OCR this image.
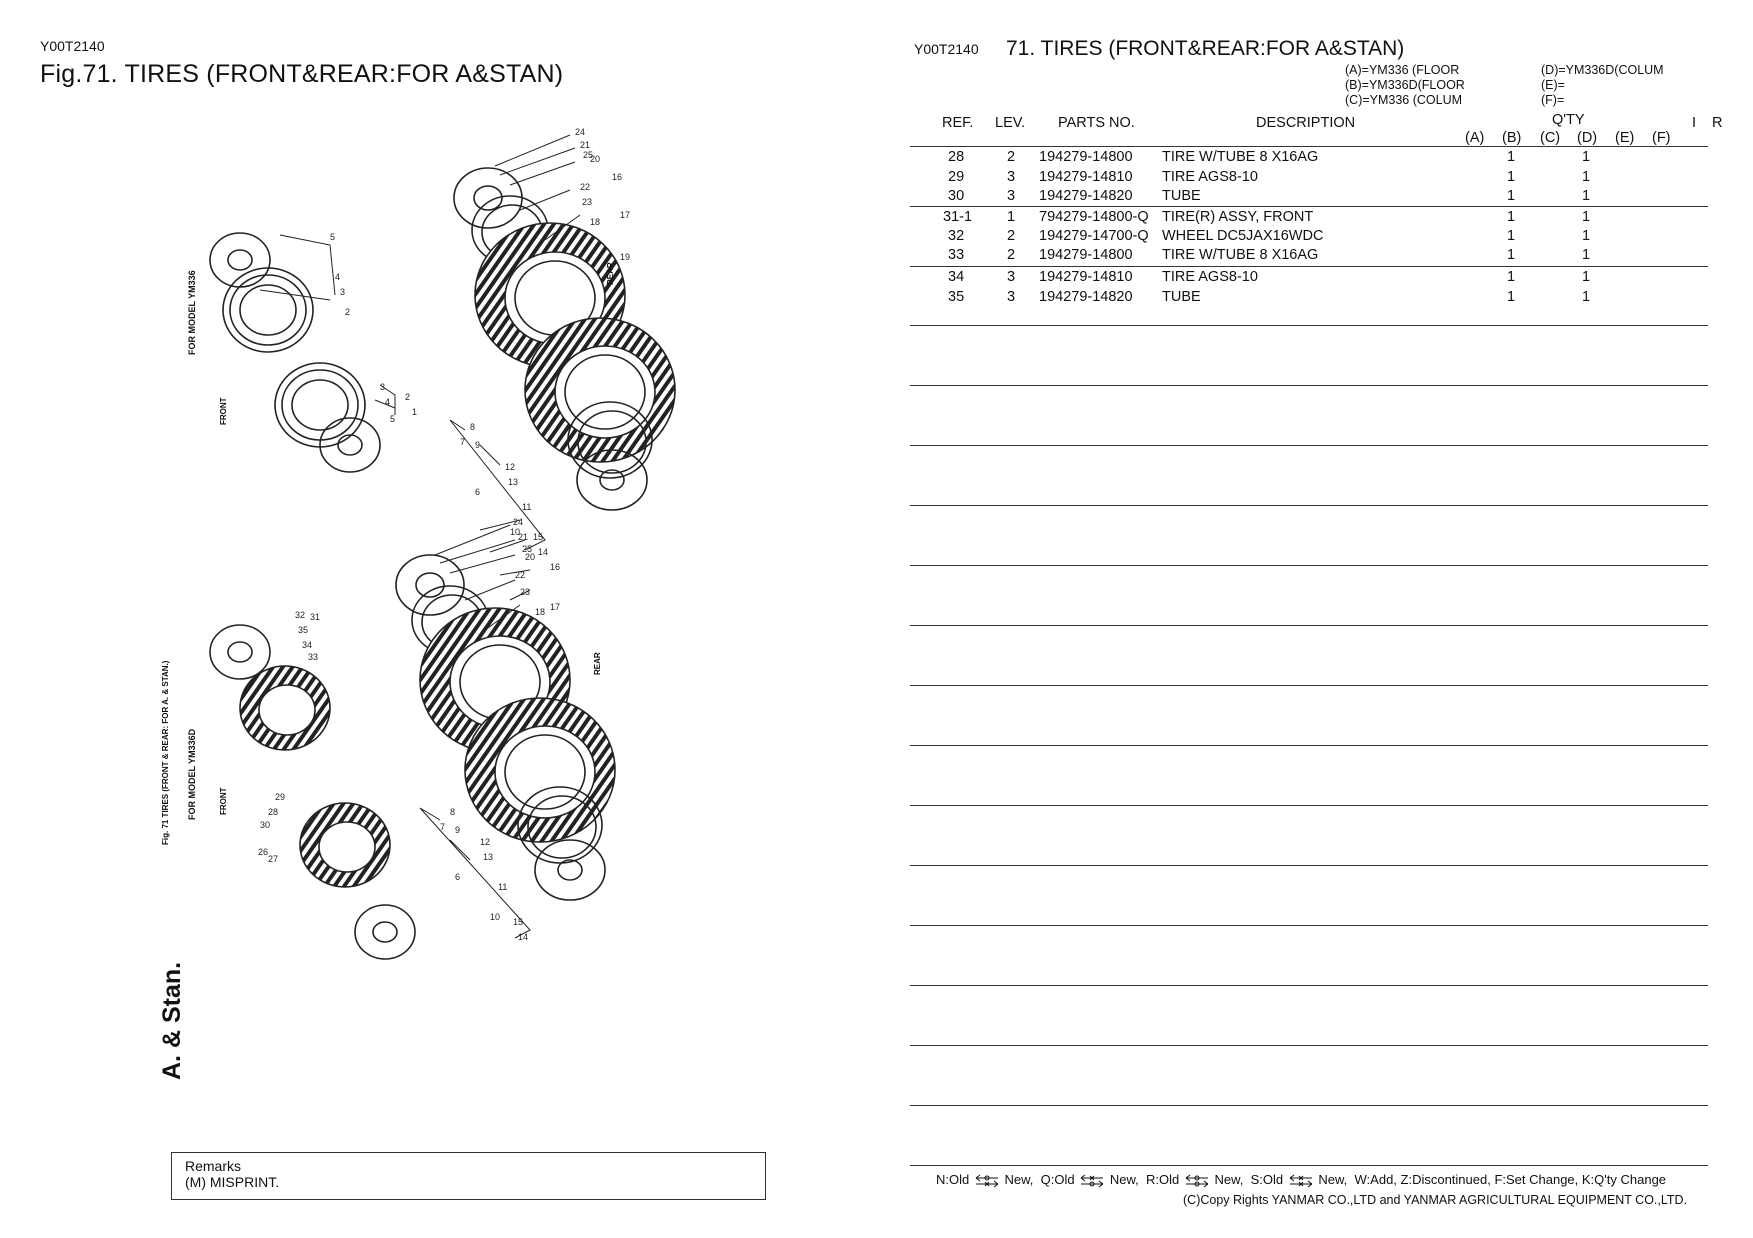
Y00T2140
Fig.71. TIRES (FRONT&REAR:FOR A&STAN)
24
21
25
20
16
22
23
18
17
19
5
4
3
2
3
4
5
2
1
8
9
7
6
12
13
11
10 15
14
24
21
25
20
16
22
23
18 17
32
35
31
34
33
29
28
30
26
27
8
9
7
6
12
13
11
10 15
14
FOR MODEL YM336
FRONT
REAR
FOR MODEL YM336D
Fig. 71 TIRES (FRONT & REAR: FOR A. & STAN.)	FRONT
REAR
A. & Stan.
Remarks
(M) MISPRINT.
Y00T2140 71. TIRES (FRONT&REAR:FOR A&STAN)
(A)=YM336 (FLOOR
(B)=YM336D(FLOOR
(C)=YM336 (COLUM
(D)=YM336D(COLUM
(E)=
(F)=
REF. LEV. PARTS NO.	DESCRIPTION	Q'TY
(A) (B) (C) (D) (E) (F)
I R
28	2 194279-14800 TIRE W/TUBE 8 X16AG	1	1
29	3 194279-14810 TIRE AGS8-10	1	1
30	3 194279-14820 TUBE	1	1
31-1 1 794279-14800-Q TIRE(R) ASSY, FRONT	1	1
32	2 194279-14700-Q WHEEL DC5JAX16WDC	1	1
33	2 194279-14800 TIRE W/TUBE 8 X16AG	1	1
34	3 194279-14810 TIRE AGS8-10	1	1
35	3 194279-14820 TUBE	1	1
N:Old	New, Q:Old	New, R:Old	New, S:Old	New, W:Add, Z:Discontinued, F:Set Change, K:Q'ty Change
(C)Copy Rights YANMAR CO.,LTD and YANMAR AGRICULTURAL EQUIPMENT CO.,LTD.
